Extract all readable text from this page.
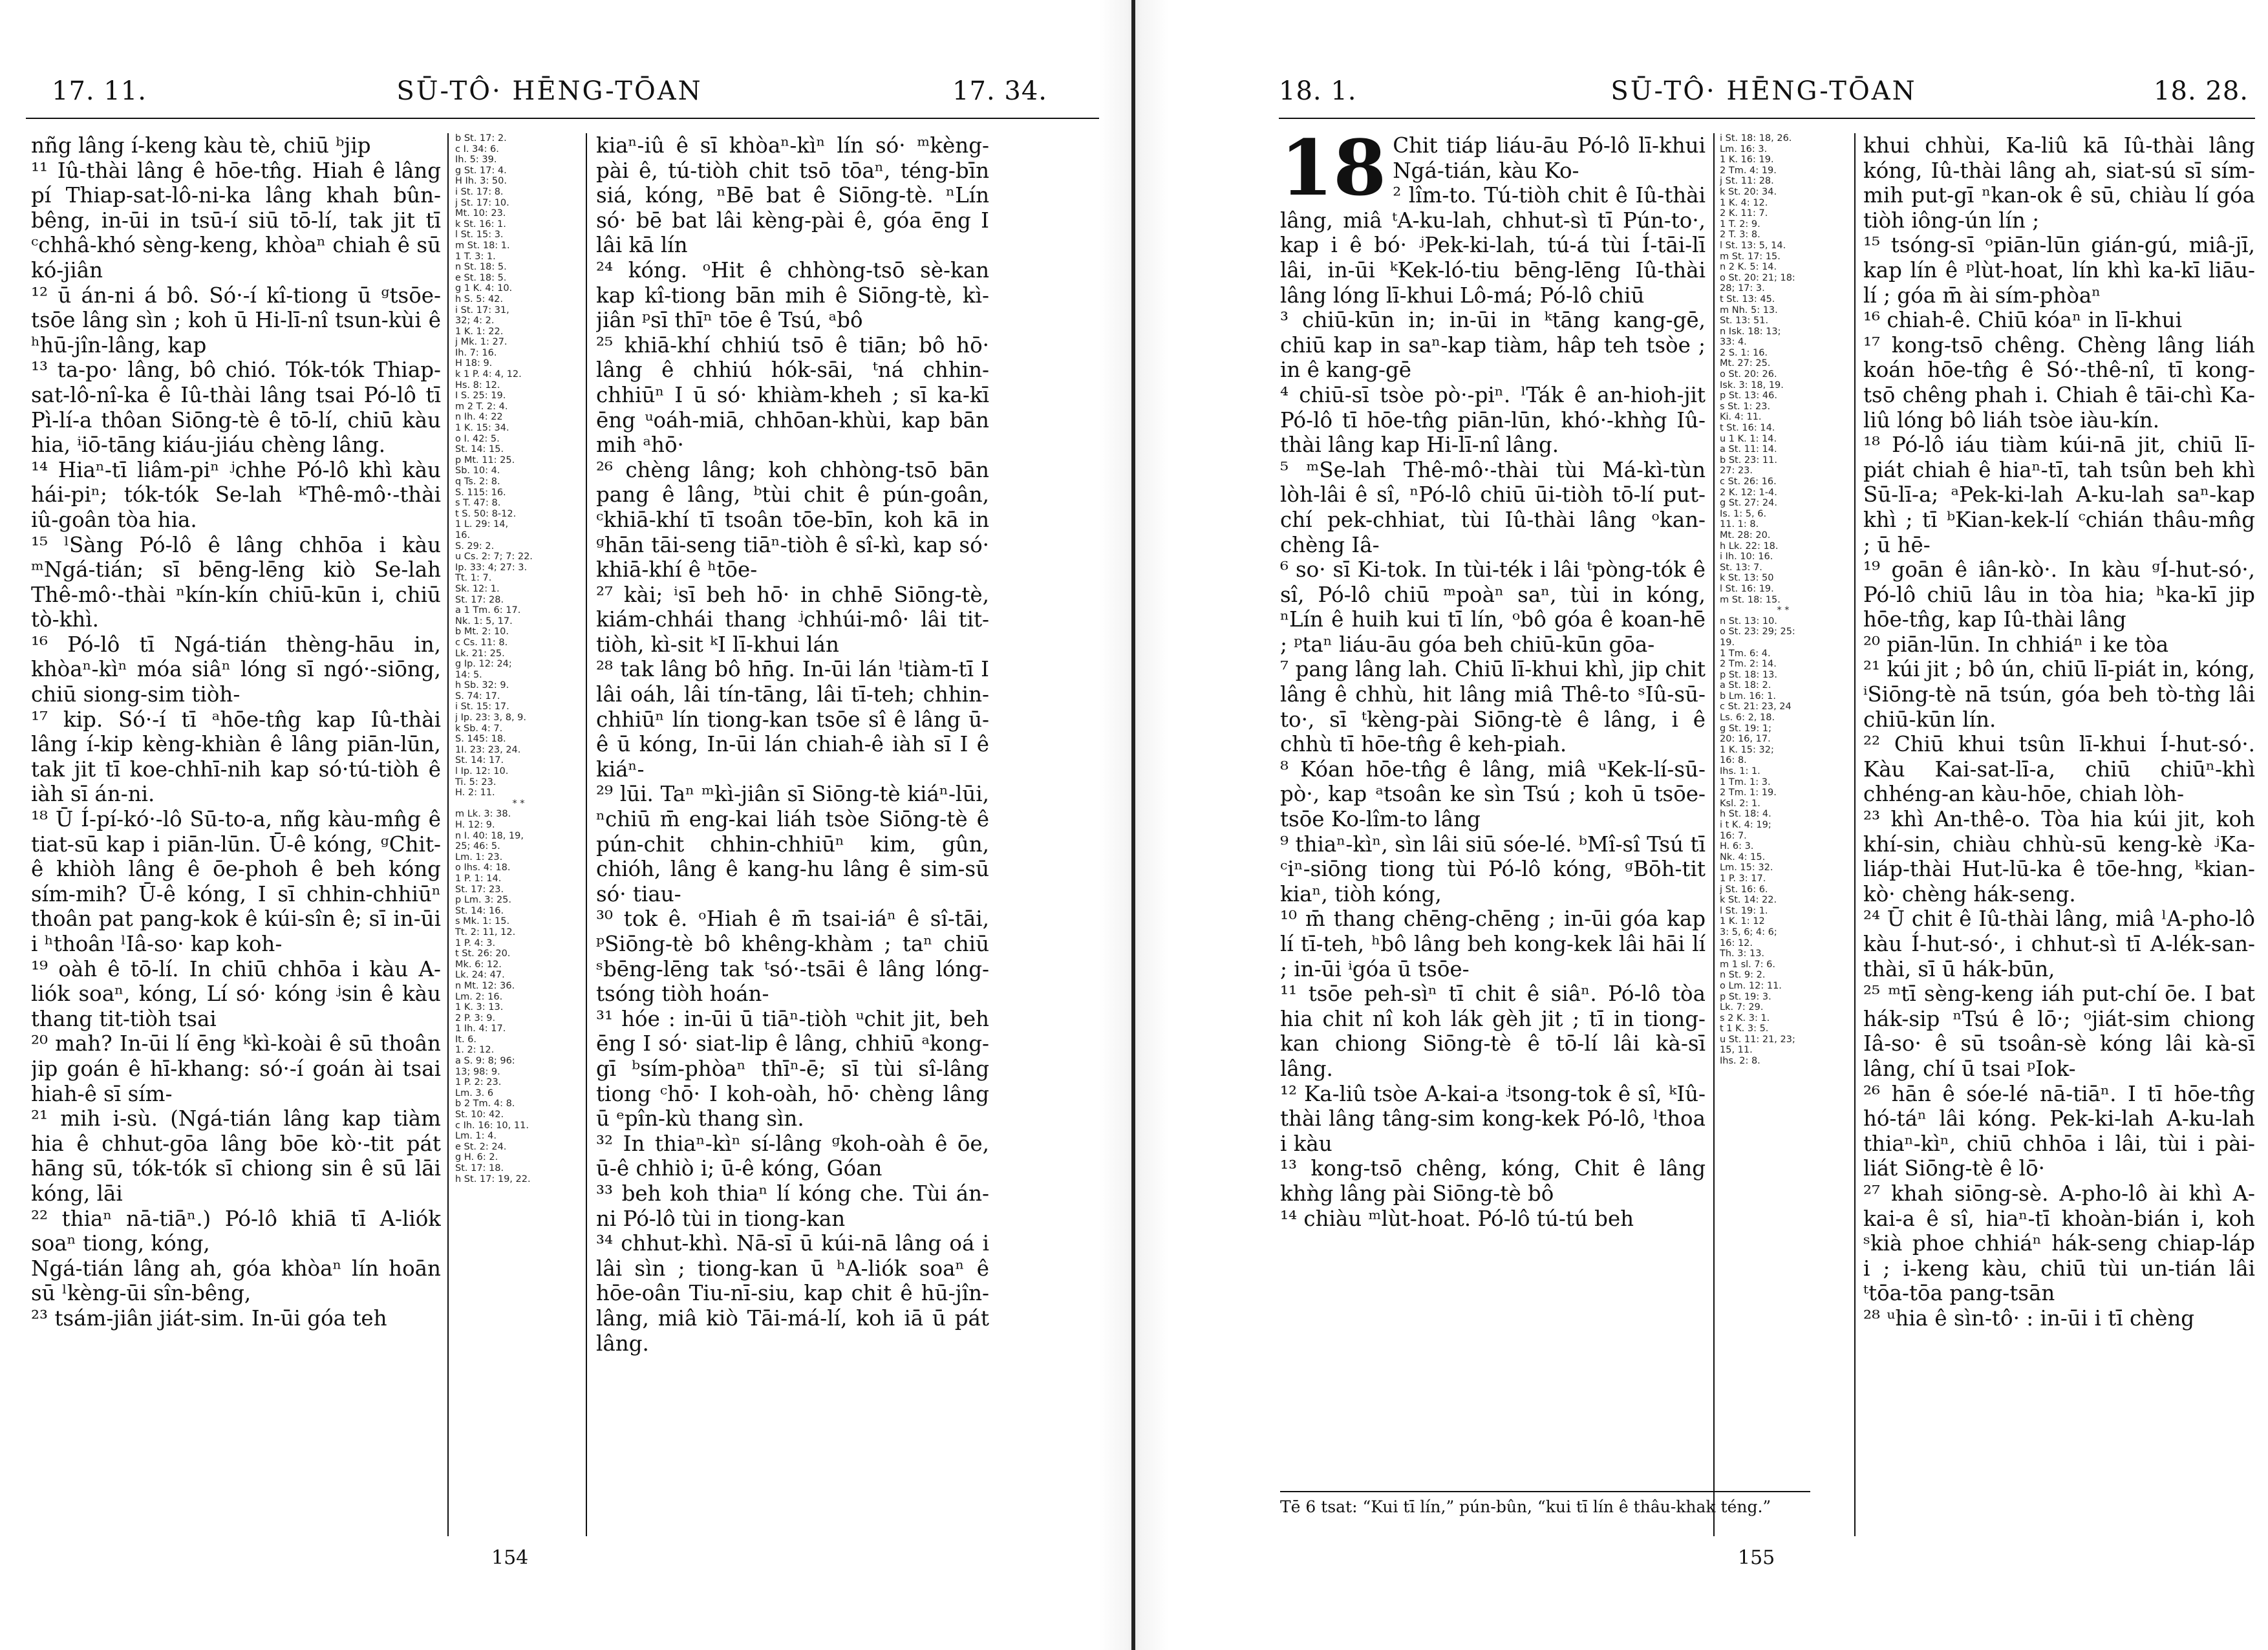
17. 11.	SŪ-TÔ· HĒNG-TŌAN	17. 34.

nñg lâng í-keng kàu tè, chiū ᵇjip

¹¹ Iû-thài lâng ê hōe-tn̂g. Hiah ê lâng pí Thiap-sat-lô-ni-ka lâng khah bûn-bêng, in-ūi in tsū-í siū tō-lí, tak jit tī ᶜchhâ-khó sèng-keng, khòaⁿ chiah ê sū kó-jiân

¹² ū án-ni á bô. Só·-í kî-tiong ū ᵍtsōe-tsōe lâng sìn ; koh ū Hi-lī-nî tsun-kùi ê ʰhū-jîn-lâng, kap

¹³ ta-po· lâng, bô chió. Tók-tók Thiap-sat-lô-nî-ka ê Iû-thài lâng tsai Pó-lô tī Pì-lí-a thôan Siōng-tè ê tō-lí, chiū kàu hia, ⁱiō-tāng kiáu-jiáu chèng lâng.

¹⁴ Hiaⁿ-tī liâm-piⁿ ʲchhe Pó-lô khì kàu hái-piⁿ; tók-tók Se-lah ᵏThê-mô·-thài iû-goân tòa hia.

¹⁵ ˡSàng Pó-lô ê lâng chhōa i kàu ᵐNgá-tián; sī bēng-lēng kiò Se-lah Thê-mô·-thài ⁿkín-kín chiū-kūn i, chiū tò-khì.

¹⁶ Pó-lô tī Ngá-tián thèng-hāu in, khòaⁿ-kìⁿ móa siâⁿ lóng sī ngó·-siōng, chiū siong-sim tiòh-

¹⁷ kip. Só·-í tī ᵃhōe-tn̂g kap Iû-thài lâng í-kip kèng-khiàn ê lâng piān-lūn, tak jit tī koe-chhī-nih kap só·tú-tiòh ê iàh sī án-ni.

¹⁸ Ū Í-pí-kó·-lô Sū-to-a, nñg kàu-mn̂g ê tiat-sū kap i piān-lūn. Ū-ê kóng, ᵍChit-ê khiòh lâng ê ōe-phoh ê beh kóng sím-mih? Ū-ê kóng, I sī chhin-chhiūⁿ thoân pat pang-kok ê kúi-sîn ê; sī in-ūi i ʰthoân ˡIâ-so· kap koh-

¹⁹ oàh ê tō-lí. In chiū chhōa i kàu A-liók soaⁿ, kóng, Lí só· kóng ʲsin ê kàu thang tit-tiòh tsai

²⁰ mah? In-ūi lí ēng ᵏkì-koài ê sū thoân jip goán ê hī-khang: só·-í goán ài tsai hiah-ê sī sím-

²¹ mih i-sù. (Ngá-tián lâng kap tiàm hia ê chhut-gōa lâng bōe kò·-tit pát hāng sū, tók-tók sī chiong sin ê sū lāi kóng, lāi

²² thiaⁿ nā-tiāⁿ.) Pó-lô khiā tī A-liók soaⁿ tiong, kóng,

Ngá-tián lâng ah, góa khòaⁿ lín hoān sū ˡkèng-ūi sîn-bêng,

²³ tsám-jiân jiát-sim. In-ūi góa teh

b St. 17: 2.
c I. 34: 6.
Ih. 5: 39.
g St. 17: 4.
H Ih. 3: 50.
i St. 17: 8.
j St. 17: 10.
Mt. 10: 23.
k St. 16: 1.
l St. 15: 3.
m St. 18: 1.
1 T. 3: 1.
n St. 18: 5.
e St. 18: 5.
g 1 K. 4: 10.
h S. 5: 42.
i St. 17: 31,
32; 4: 2.
1 K. 1: 22.
j Mk. 1: 27.
Ih. 7: 16.
H 18: 9.
k 1 P. 4: 4, 12.
Hs. 8: 12.
I S. 25: 19.
m 2 T. 2: 4.
n Ih. 4: 22
1 K. 15: 34.
o I. 42: 5.
St. 14: 15.
p Mt. 11: 25.
Sb. 10: 4.
q Ts. 2: 8.
S. 115: 16.
s T. 47: 8.
t S. 50: 8-12.
1 L. 29: 14,
16.
S. 29: 2.
u Cs. 2: 7; 7: 22.
Ip. 33: 4; 27: 3.
Tt. 1: 7.
Sk. 12: 1.
St. 17: 28.
a 1 Tm. 6: 17.
Nk. 1: 5, 17.
b Mt. 2: 10.
c Cs. 11: 8.
Lk. 21: 25.
g Ip. 12: 24;
14: 5.
h Sb. 32: 9.
S. 74: 17.
i St. 15: 17.
j Ip. 23: 3, 8, 9.
k Sb. 4: 7.
S. 145: 18.
1I. 23: 23, 24.
St. 14: 17.
l Ip. 12: 10.
Ti. 5: 23.
H. 2: 11.
* *
m Lk. 3: 38.
H. 12: 9.
n I. 40: 18, 19,
25; 46: 5.
Lm. 1: 23.
o Ihs. 4: 18.
1 P. 1: 14.
St. 17: 23.
p Lm. 3: 25.
St. 14: 16.
s Mk. 1: 15.
Tt. 2: 11, 12.
1 P. 4: 3.
t St. 26: 20.
Mk. 6: 12.
Lk. 24: 47.
n Mt. 12: 36.
Lm. 2: 16.
1 K. 3: 13.
2 P. 3: 9.
1 Ih. 4: 17.
It. 6.
1. 2: 12.
a S. 9: 8; 96:
13; 98: 9.
1 P. 2: 23.
Lm. 3. 6
b 2 Tm. 4: 8.
St. 10: 42.
c Ih. 16: 10, 11.
Lm. 1: 4.
e St. 2: 24.
g H. 6: 2.
St. 17: 18.
h St. 17: 19, 22.

kiaⁿ-iû ê sī khòaⁿ-kìⁿ lín só· ᵐkèng-pài ê, tú-tiòh chit tsō tōaⁿ, téng-bīn siá, kóng, ⁿBē bat ê Siōng-tè. ⁿLín só· bē bat lâi kèng-pài ê, góa ēng I lâi kā lín

²⁴ kóng. ᵒHit ê chhòng-tsō sè-kan kap kî-tiong bān mih ê Siōng-tè, kì-jiân ᵖsī thīⁿ tōe ê Tsú, ᵃbô

²⁵ khiā-khí chhiú tsō ê tiān; bô hō· lâng ê chhiú hók-sāi, ᵗná chhin-chhiūⁿ I ū só· khiàm-kheh ; sī ka-kī ēng ᵘoáh-miā, chhōan-khùi, kap bān mih ᵃhō·

²⁶ chèng lâng; koh chhòng-tsō bān pang ê lâng, ᵇtùi chit ê pún-goân, ᶜkhiā-khí tī tsoân tōe-bīn, koh kā in ᵍhān tāi-seng tiāⁿ-tiòh ê sî-kì, kap só· khiā-khí ê ʰtōe-

²⁷ kài; ⁱsī beh hō· in chhē Siōng-tè, kiám-chhái thang ʲchhúi-mô· lâi tit-tiòh, kì-sit ᵏI lī-khui lán

²⁸ tak lâng bô hn̄g. In-ūi lán ˡtiàm-tī I lâi oáh, lâi tín-tāng, lâi tī-teh; chhin-chhiūⁿ lín tiong-kan tsōe sî ê lâng ū-ê ū kóng, In-ūi lán chiah-ê iàh sī I ê kiáⁿ-

²⁹ lūi. Taⁿ ᵐkì-jiân sī Siōng-tè kiáⁿ-lūi, ⁿchiū m̄ eng-kai liáh tsòe Siōng-tè ê pún-chit chhin-chhiūⁿ kim, gûn, chióh, lâng ê kang-hu lâng ê sim-sū só· tiau-

³⁰ tok ê. ᵒHiah ê m̄ tsai-iáⁿ ê sî-tāi, ᵖSiōng-tè bô khêng-khàm ; taⁿ chiū ˢbēng-lēng tak ᵗsó·-tsāi ê lâng lóng-tsóng tiòh hoán-

³¹ hóe : in-ūi ū tiāⁿ-tiòh ᵘchit jit, beh ēng I só· siat-lip ê lâng, chhiū ᵃkong-gī ᵇsím-phòaⁿ thīⁿ-ē; sī tùi sî-lâng tiong ᶜhō· I koh-oàh, hō· chèng lâng ū ᵉpîn-kù thang sìn.

³² In thiaⁿ-kìⁿ sí-lâng ᵍkoh-oàh ê ōe, ū-ê chhiò i; ū-ê kóng, Góan

³³ beh koh thiaⁿ lí kóng che. Tùi án-ni Pó-lô tùi in tiong-kan

³⁴ chhut-khì. Nā-sī ū kúi-nā lâng oá i lâi sìn ; tiong-kan ū ʰA-liók soaⁿ ê hōe-oân Tiu-nī-siu, kap chit ê hū-jîn-lâng, miâ kiò Tāi-má-lí, koh iā ū pát lâng.

154
18. 1.	SŪ-TÔ· HĒNG-TŌAN	18. 28.
18 Chit tiáp liáu-āu Pó-lô lī-khui Ngá-tián, kàu Ko-

² lîm-to. Tú-tiòh chit ê Iû-thài lâng, miâ ᵗA-ku-lah, chhut-sì tī Pún-to·, kap i ê bó· ʲPek-ki-lah, tú-á tùi Í-tāi-lī lâi, in-ūi ᵏKek-ló-tiu bēng-lēng Iû-thài lâng lóng lī-khui Lô-má; Pó-lô chiū

³ chiū-kūn in; in-ūi in ᵏtāng kang-gē, chiū kap in saⁿ-kap tiàm, hâp teh tsòe ; in ê kang-gē

⁴ chiū-sī tsòe pò·-piⁿ. ˡTák ê an-hioh-jit Pó-lô tī hōe-tn̂g piān-lūn, khó·-khǹg Iû-thài lâng kap Hi-lī-nî lâng.

⁵ ᵐSe-lah Thê-mô·-thài tùi Má-kì-tùn lòh-lâi ê sî, ⁿPó-lô chiū ūi-tiòh tō-lí put-chí pek-chhiat, tùi Iû-thài lâng ᵒkan-chèng Iâ-

⁶ so· sī Ki-tok. In tùi-ték i lâi ᵗpòng-tók ê sî, Pó-lô chiū ᵐpoàⁿ saⁿ, tùi in kóng, ⁿLín ê huih kui tī lín, ᵒbô góa ê koan-hē ; ᵖtaⁿ liáu-āu góa beh chiū-kūn gōa-

⁷ pang lâng lah. Chiū lī-khui khì, jip chit lâng ê chhù, hit lâng miâ Thê-to ˢIû-sū-to·, sī ᵗkèng-pài Siōng-tè ê lâng, i ê chhù tī hōe-tn̂g ê keh-piah.

⁸ Kóan hōe-tn̂g ê lâng, miâ ᵘKek-lí-sū-pò·, kap ᵃtsoân ke sìn Tsú ; koh ū tsōe-tsōe Ko-lîm-to lâng

⁹ thiaⁿ-kìⁿ, sìn lâi siū sóe-lé. ᵇMî-sî Tsú tī ᶜiⁿ-siōng tiong tùi Pó-lô kóng, ᵍBōh-tit kiaⁿ, tiòh kóng,

¹⁰ m̄ thang chēng-chēng ; in-ūi góa kap lí tī-teh, ʰbô lâng beh kong-kek lâi hāi lí ; in-ūi ⁱgóa ū tsōe-

¹¹ tsōe peh-sìⁿ tī chit ê siâⁿ. Pó-lô tòa hia chit nî koh lák gèh jit ; tī in tiong-kan chiong Siōng-tè ê tō-lí lâi kà-sī lâng.

¹² Ka-liû tsòe A-kai-a ʲtsong-tok ê sî, ᵏIû-thài lâng tâng-sim kong-kek Pó-lô, ˡthoa i kàu

¹³ kong-tsō chêng, kóng, Chit ê lâng khǹg lâng pài Siōng-tè bô

¹⁴ chiàu ᵐlùt-hoat. Pó-lô tú-tú beh

i St. 18: 18, 26.
Lm. 16: 3.
1 K. 16: 19.
2 Tm. 4: 19.
j St. 11: 28.
k St. 20: 34.
1 K. 4: 12.
2 K. 11: 7.
1 T. 2: 9.
2 T. 3: 8.
l St. 13: 5, 14.
m St. 17: 15.
n 2 K. 5: 14.
o St. 20: 21; 18:
28; 17: 3.
t St. 13: 45.
m Nh. 5: 13.
St. 13: 51.
n Isk. 18: 13;
33: 4.
2 S. 1: 16.
Mt. 27: 25.
o St. 20: 26.
Isk. 3: 18, 19.
p St. 13: 46.
s St. 1: 23.
Ki. 4: 11.
t St. 16: 14.
u 1 K. 1: 14.
a St. 11: 14.
b St. 23: 11.
27: 23.
c St. 26: 16.
2 K. 12: 1-4.
g St. 27: 24.
Is. 1: 5, 6.
11. 1: 8.
Mt. 28: 20.
h Lk. 22: 18.
i Ih. 10: 16.
St. 13: 7.
k St. 13: 50
l St. 16: 19.
m St. 18: 15.
* *
n St. 13: 10.
o St. 23: 29; 25:
19.
1 Tm. 6: 4.
2 Tm. 2: 14.
p St. 18: 13.
a St. 18: 2.
b Lm. 16: 1.
c St. 21: 23, 24
Ls. 6: 2, 18.
g St. 19: 1;
20: 16, 17.
1 K. 15: 32;
16: 8.
Ihs. 1: 1.
1 Tm. 1: 3.
2 Tm. 1: 19.
Ksl. 2: 1.
h St. 18: 4.
i t K. 4: 19;
16: 7.
H. 6: 3.
Nk. 4: 15.
Lm. 15: 32.
1 P. 3: 17.
j St. 16: 6.
k St. 14: 22.
l St. 19: 1.
1 K. 1: 12
3: 5, 6; 4: 6;
16: 12.
Th. 3: 13.
m 1 sl. 7: 6.
n St. 9: 2.
o Lm. 12: 11.
p St. 19: 3.
Lk. 7: 29.
s 2 K. 3: 1.
t 1 K. 3: 5.
u St. 11: 21, 23;
15, 11.
Ihs. 2: 8.

khui chhùi, Ka-liû kā Iû-thài lâng kóng, Iû-thài lâng ah, siat-sú sī sím-mih put-gī ⁿkan-ok ê sū, chiàu lí góa tiòh iông-ún lín ;

¹⁵ tsóng-sī ᵒpiān-lūn gián-gú, miâ-jī, kap lín ê ᵖlùt-hoat, lín khì ka-kī liāu-lí ; góa m̄ ài sím-phòaⁿ

¹⁶ chiah-ê. Chiū kóaⁿ in lī-khui

¹⁷ kong-tsō chêng. Chèng lâng liáh koán hōe-tn̂g ê Só·-thê-nî, tī kong-tsō chêng phah i. Chiah ê tāi-chì Ka-liû lóng bô liáh tsòe iàu-kín.

¹⁸ Pó-lô iáu tiàm kúi-nā jit, chiū lī-piát chiah ê hiaⁿ-tī, tah tsûn beh khì Sū-lī-a; ᵃPek-ki-lah A-ku-lah saⁿ-kap khì ; tī ᵇKian-kek-lí ᶜchián thâu-mn̂g ; ū hē-

¹⁹ goān ê iân-kò·. In kàu ᵍÍ-hut-só·, Pó-lô chiū lâu in tòa hia; ʰka-kī jip hōe-tn̂g, kap Iû-thài lâng

²⁰ piān-lūn. In chhiáⁿ i ke tòa

²¹ kúi jit ; bô ún, chiū lī-piát in, kóng, ⁱSiōng-tè nā tsún, góa beh tò-tǹg lâi chiū-kūn lín.

²² Chiū khui tsûn lī-khui Í-hut-só·. Kàu Kai-sat-lī-a, chiū chiūⁿ-khì chhéng-an kàu-hōe, chiah lòh-

²³ khì An-thê-o. Tòa hia kúi jit, koh khí-sin, chiàu chhù-sū keng-kè ʲKa-liáp-thài Hut-lū-ka ê tōe-hng, ᵏkian-kò· chèng hák-seng.

²⁴ Ū chit ê Iû-thài lâng, miâ ˡA-pho-lô kàu Í-hut-só·, i chhut-sì tī A-lék-san-thài, sī ū hák-būn,

²⁵ ᵐtī sèng-keng iáh put-chí ōe. I bat hák-sip ⁿTsú ê lō·; ᵒjiát-sim chiong Iâ-so· ê sū tsoân-sè kóng lâi kà-sī lâng, chí ū tsai ᵖIok-

²⁶ hān ê sóe-lé nā-tiāⁿ. I tī hōe-tn̂g hó-táⁿ lâi kóng. Pek-ki-lah A-ku-lah thiaⁿ-kìⁿ, chiū chhōa i lâi, tùi i pài-liát Siōng-tè ê lō·

²⁷ khah siōng-sè. A-pho-lô ài khì A-kai-a ê sî, hiaⁿ-tī khoàn-bián i, koh ˢkià phoe chhiáⁿ hák-seng chiap-láp i ; i-keng kàu, chiū tùi un-tián lâi ᵗtōa-tōa pang-tsān

²⁸ ᵘhia ê sìn-tô· : in-ūi i tī chèng

Tē 6 tsat: “Kui tī lín,” pún-bûn, “kui tī lín ê thâu-khak téng.”
155
